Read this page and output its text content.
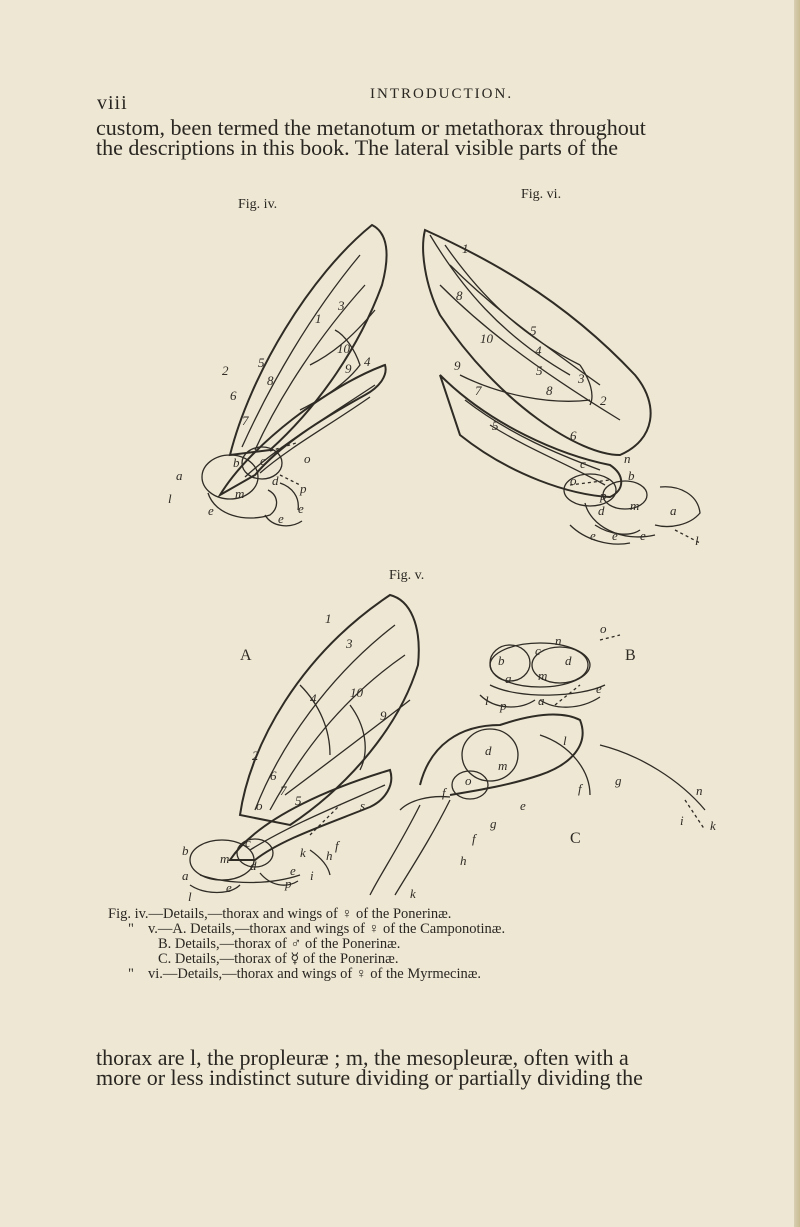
viii	INTRODUCTION.
custom, been termed the metanotum or metathorax throughout
the descriptions in this book. The lateral visible parts of the
Fig. iv.
Fig. vi.
a
b c
d
m
e
e
e
p
o
l
2
6
7
1
3
10
9 4
5
8
5
8
10
9
7
5
5
8
4
1
2
3
6
c
b
n
p
d m a
o
l
e e e
Fig. v.
A
o
b
a
m
c
d
l
e
e
p
k
i
h
s
2
6
7
5
3
1
10
4
9
f
B
b
c
d
m
a
l
e
n
o
C
p a
d
m
o
f
e
g
f
f
g
l
n
k
i
h
k
Fig. iv.—Details,—thorax and wings of ♀ of the Ponerinæ.
" v.—A. Details,—thorax and wings of ♀ of the Camponotinæ.
B. Details,—thorax of ♂ of the Ponerinæ.
C. Details,—thorax of ☿ of the Ponerinæ.
" vi.—Details,—thorax and wings of ♀ of the Myrmecinæ.
thorax are l, the propleuræ ; m, the mesopleuræ, often with a
more or less indistinct suture dividing or partially dividing the
